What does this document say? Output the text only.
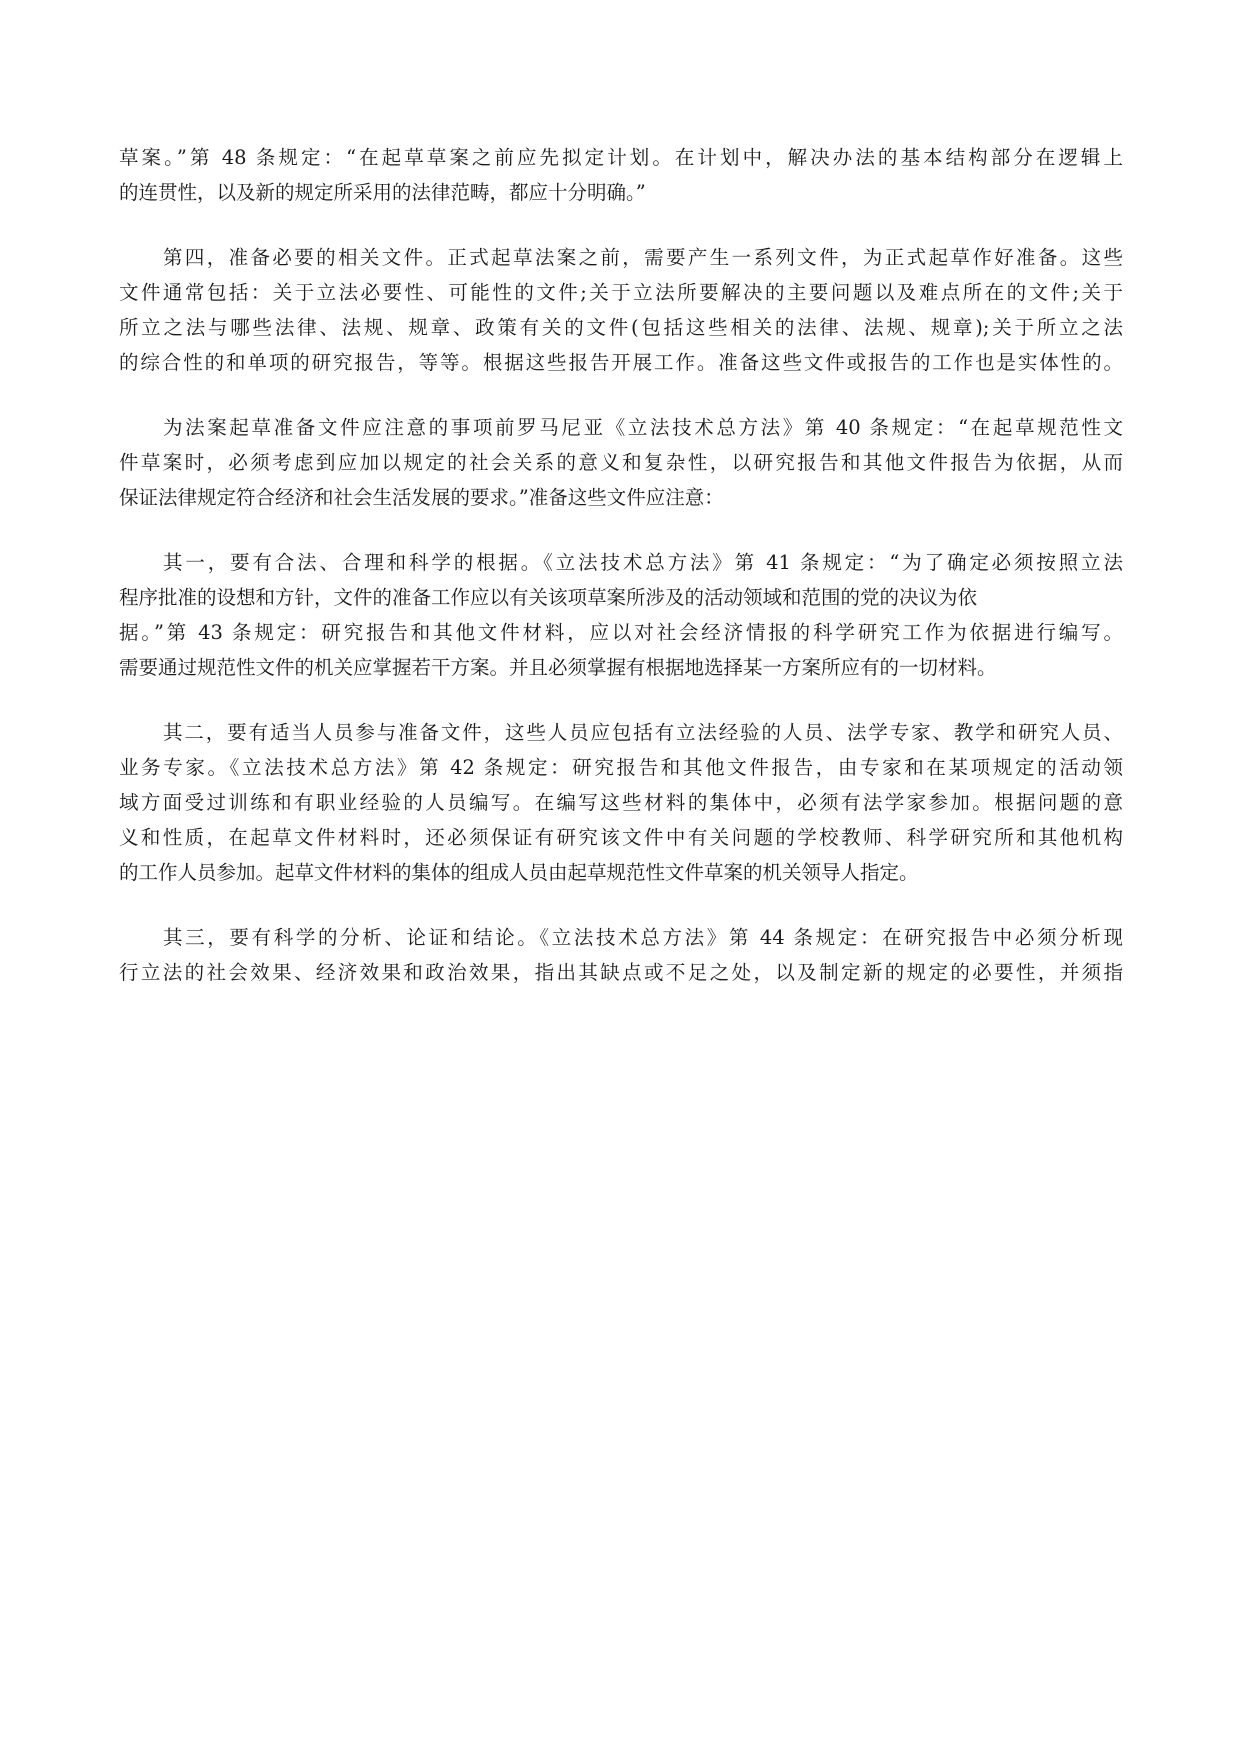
草案。”第 48 条规定：“在起草草案之前应先拟定计划。在计划中，解决办法的基本结构部分在逻辑上
的连贯性，以及新的规定所采用的法律范畴，都应十分明确。”
第四，准备必要的相关文件。正式起草法案之前，需要产生一系列文件，为正式起草作好准备。这些
文件通常包括：关于立法必要性、可能性的文件;关于立法所要解决的主要问题以及难点所在的文件;关于
所立之法与哪些法律、法规、规章、政策有关的文件(包括这些相关的法律、法规、规章);关于所立之法
的综合性的和单项的研究报告，等等。根据这些报告开展工作。准备这些文件或报告的工作也是实体性的。
为法案起草准备文件应注意的事项前罗马尼亚《立法技术总方法》第 40 条规定：“在起草规范性文
件草案时，必须考虑到应加以规定的社会关系的意义和复杂性，以研究报告和其他文件报告为依据，从而
保证法律规定符合经济和社会生活发展的要求。”准备这些文件应注意：
其一，要有合法、合理和科学的根据。《立法技术总方法》第 41 条规定：“为了确定必须按照立法
程序批准的设想和方针，文件的准备工作应以有关该项草案所涉及的活动领域和范围的党的决议为依
据。”第 43 条规定：研究报告和其他文件材料，应以对社会经济情报的科学研究工作为依据进行编写。
需要通过规范性文件的机关应掌握若干方案。并且必须掌握有根据地选择某一方案所应有的一切材料。
其二，要有适当人员参与准备文件，这些人员应包括有立法经验的人员、法学专家、教学和研究人员、
业务专家。《立法技术总方法》第 42 条规定：研究报告和其他文件报告，由专家和在某项规定的活动领
域方面受过训练和有职业经验的人员编写。在编写这些材料的集体中，必须有法学家参加。根据问题的意
义和性质，在起草文件材料时，还必须保证有研究该文件中有关问题的学校教师、科学研究所和其他机构
的工作人员参加。起草文件材料的集体的组成人员由起草规范性文件草案的机关领导人指定。
其三，要有科学的分析、论证和结论。《立法技术总方法》第 44 条规定：在研究报告中必须分析现
行立法的社会效果、经济效果和政治效果，指出其缺点或不足之处，以及制定新的规定的必要性，并须指
